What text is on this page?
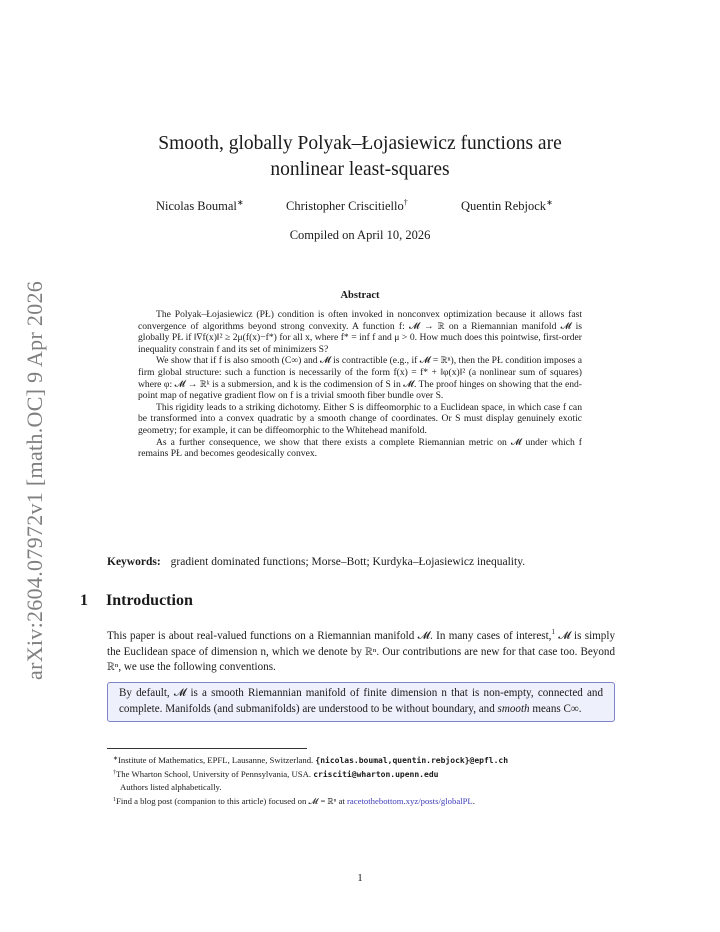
arXiv:2604.07972v1 [math.OC] 9 Apr 2026
Smooth, globally Polyak–Łojasiewicz functions are
nonlinear least-squares
Nicolas Boumal∗	Christopher Criscitiello†	Quentin Rebjock∗
Compiled on April 10, 2026
Abstract

The Polyak–Łojasiewicz (PŁ) condition is often invoked in nonconvex optimization because it allows fast convergence of algorithms beyond strong convexity. A function f: 𝓜 → ℝ on a Riemannian manifold 𝓜 is globally PŁ if ‖∇f(x)‖² ≥ 2μ(f(x)−f*) for all x, where f* = inf f and μ > 0. How much does this pointwise, first-order inequality constrain f and its set of minimizers S?

We show that if f is also smooth (C∞) and 𝓜 is contractible (e.g., if 𝓜 = ℝⁿ), then the PŁ condition imposes a firm global structure: such a function is necessarily of the form f(x) = f* + ‖φ(x)‖² (a nonlinear sum of squares) where φ: 𝓜 → ℝᵏ is a submersion, and k is the codimension of S in 𝓜. The proof hinges on showing that the end-point map of negative gradient flow on f is a trivial smooth fiber bundle over S.

This rigidity leads to a striking dichotomy. Either S is diffeomorphic to a Euclidean space, in which case f can be transformed into a convex quadratic by a smooth change of coordinates. Or S must display genuinely exotic geometry; for example, it can be diffeomorphic to the Whitehead manifold.

As a further consequence, we show that there exists a complete Riemannian metric on 𝓜 under which f remains PŁ and becomes geodesically convex.

Keywords: gradient dominated functions; Morse–Bott; Kurdyka–Łojasiewicz inequality.
1 Introduction

This paper is about real-valued functions on a Riemannian manifold 𝓜. In many cases of interest,$^1$ 𝓜 is simply the Euclidean space of dimension n, which we denote by ℝⁿ. Our contributions are new for that case too. Beyond ℝⁿ, we use the following conventions.

By default, 𝓜 is a smooth Riemannian manifold of finite dimension n that is non-empty, connected and complete. Manifolds (and submanifolds) are understood to be without boundary, and smooth means C∞.
∗Institute of Mathematics, EPFL, Lausanne, Switzerland. {nicolas.boumal,quentin.rebjock}@epfl.ch
†The Wharton School, University of Pennsylvania, USA. crisciti@wharton.upenn.edu
Authors listed alphabetically.
$^1$Find a blog post (companion to this article) focused on 𝓜 = ℝⁿ at racetothebottom.xyz/posts/globalPL.
1
